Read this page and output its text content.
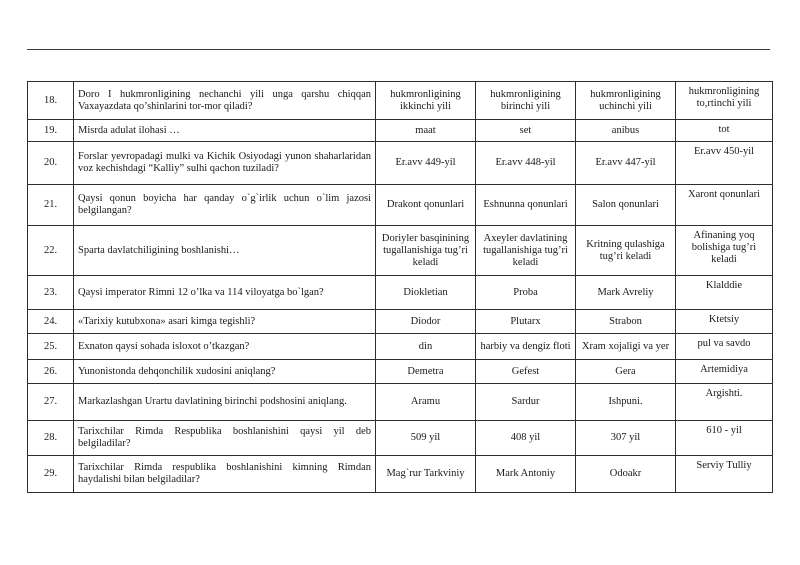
18.	Doro I hukmronligining nechanchi yili unga qarshu chiqqan Vaxayazdata qo’shinlarini tor-mor qiladi?	hukmronligining ikkinchi yili	hukmronligining birinchi yili	hukmronligining uchinchi yili	hukmronligining to,rtinchi yili
19.	Misrda adulat ilohasi …	maat	set	anibus	tot
20.	Forslar yevropadagi mulki va Kichik Osiyodagi yunon shaharlaridan voz kechishdagi “Kalliy” sulhi qachon tuziladi?	Er.avv 449-yil	Er.avv 448-yil	Er.avv 447-yil	Er.avv 450-yil
21.	Qaysi qonun boyicha har qanday o`g`irlik uchun o`lim jazosi belgilangan?	Drakont qonunlari	Eshnunna qonunlari	Salon qonunlari	Xaront qonunlari
22.	Sparta davlatchiligining boshlanishi…	Doriyler basqinining tugallanishiga tug’ri keladi	Axeyler davlatining tugallanishiga tug’ri keladi	Kritning qulashiga tug’ri keladi	Afinaning yoq bolishiga tug’ri keladi
23.	Qaysi imperator Rimni 12 o’lka va 114 viloyatga bo`lgan?	Diokletian	Proba	Mark Avreliy	Klalddie
24.	«Tarixiy kutubxona» asari kimga tegishli?	Diodor	Plutarx	Strabon	Ktetsiy
25.	Exnaton qaysi sohada isloxot o’tkazgan?	din	harbiy va dengiz floti	Xram xojaligi va yer	pul va savdo
26.	Yunonistonda dehqonchilik xudosini aniqlang?	Demetra	Gefest	Gera	Artemidiya
27.	Markazlashgan Urartu davlatining birinchi podshosini aniqlang.	Aramu	Sardur	Ishpuni.	Argishti.
28.	Tarixchilar Rimda Respublika boshlanishini qaysi yil deb belgiladilar?	509 yil	408 yil	307 yil	610 - yil
29.	Tarixchilar Rimda respublika boshlanishini kimning Rimdan haydalishi bilan belgiladilar?	Mag`rur Tarkviniy	Mark Antoniy	Odoakr	Serviy Tulliy
